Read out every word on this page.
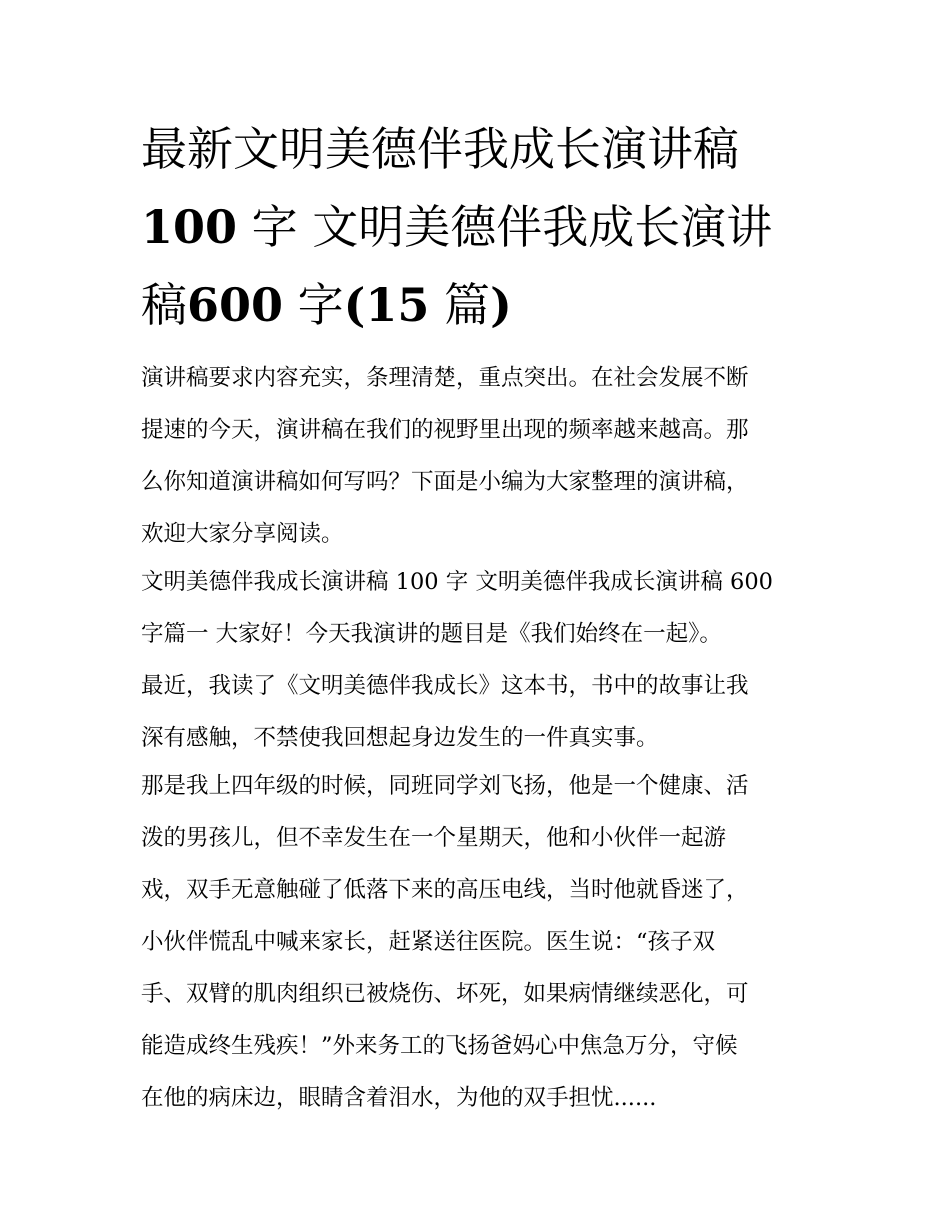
最新文明美德伴我成长演讲稿
100 字 文明美德伴我成长演讲
稿600 字(15 篇)
演讲稿要求内容充实，条理清楚，重点突出。在社会发展不断
提速的今天，演讲稿在我们的视野里出现的频率越来越高。那
么你知道演讲稿如何写吗？下面是小编为大家整理的演讲稿，
欢迎大家分享阅读。
文明美德伴我成长演讲稿 100 字 文明美德伴我成长演讲稿 600
字篇一 大家好！今天我演讲的题目是《我们始终在一起》。
最近，我读了《文明美德伴我成长》这本书，书中的故事让我
深有感触，不禁使我回想起身边发生的一件真实事。
那是我上四年级的时候，同班同学刘飞扬，他是一个健康、活
泼的男孩儿，但不幸发生在一个星期天，他和小伙伴一起游
戏，双手无意触碰了低落下来的高压电线，当时他就昏迷了，
小伙伴慌乱中喊来家长，赶紧送往医院。医生说：“孩子双
手、双臂的肌肉组织已被烧伤、坏死，如果病情继续恶化，可
能造成终生残疾！”外来务工的飞扬爸妈心中焦急万分，守候
在他的病床边，眼睛含着泪水，为他的双手担忧......
